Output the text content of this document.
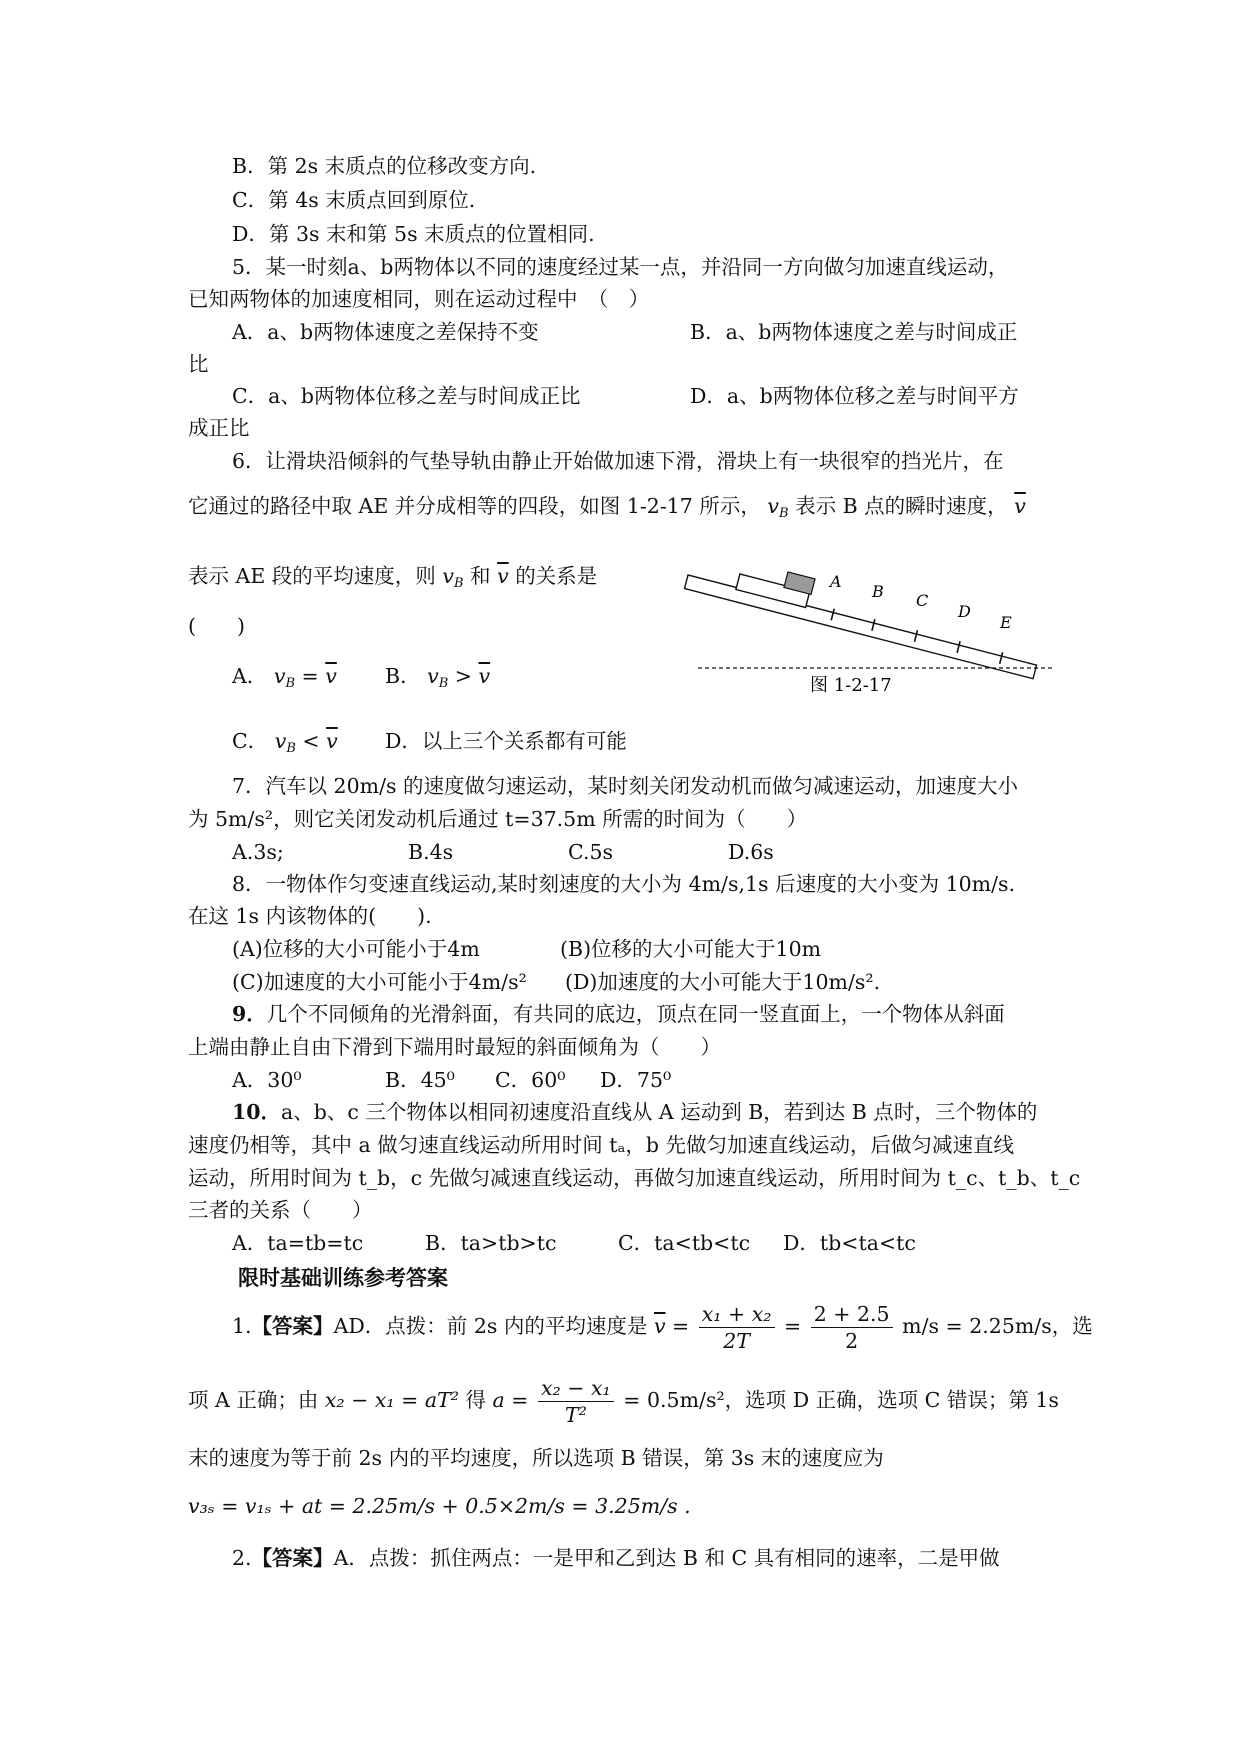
B．第 2s 末质点的位移改变方向.
C．第 4s 末质点回到原位.
D．第 3s 末和第 5s 末质点的位置相同.
5．某一时刻a、b两物体以不同的速度经过某一点，并沿同一方向做匀加速直线运动，
已知两物体的加速度相同，则在运动过程中　（　）
A．a、b两物体速度之差保持不变	B．a、b两物体速度之差与时间成正
比
C．a、b两物体位移之差与时间成正比	D．a、b两物体位移之差与时间平方
成正比
6．让滑块沿倾斜的气垫导轨由静止开始做加速下滑，滑块上有一块很窄的挡光片，在
它通过的路径中取 AE 并分成相等的四段，如图 1-2-17 所示， $v_B$ 表示 B 点的瞬时速度， $\overline{v}$
表示 AE 段的平均速度，则 $v_B$ 和 $\overline{v}$ 的关系是
(　　)
A． $v_B = \overline{v}$ B． $v_B > \overline{v}$
C． $v_B < \overline{v}$ D．以上三个关系都有可能
A
B C
D
E
图 1-2-17
7．汽车以 20m/s 的速度做匀速运动，某时刻关闭发动机而做匀减速运动，加速度大小
为 5m/s²，则它关闭发动机后通过 t=37.5m 所需的时间为（　　）
A.3s;	B.4s	C.5s	D.6s
8．一物体作匀变速直线运动,某时刻速度的大小为 4m/s,1s 后速度的大小变为 10m/s.
在这 1s 内该物体的(　　).
(A)位移的大小可能小于4m	(B)位移的大小可能大于10m
(C)加速度的大小可能小于4m/s² (D)加速度的大小可能大于10m/s².
9．几个不同倾角的光滑斜面，有共同的底边，顶点在同一竖直面上，一个物体从斜面
上端由静止自由下滑到下端用时最短的斜面倾角为（　　）
A．30⁰	B．45⁰ C．60⁰ D．75⁰
10．a、b、c 三个物体以相同初速度沿直线从 A 运动到 B，若到达 B 点时，三个物体的
速度仍相等，其中 a 做匀速直线运动所用时间 tₐ，b 先做匀加速直线运动，后做匀减速直线
运动，所用时间为 t_b，c 先做匀减速直线运动，再做匀加速直线运动，所用时间为 t_c、t_b、t_c
三者的关系（　　）
A．ta=tb=tc	B．ta>tb>tc	C．ta<tb<tc D．tb<ta<tc
限时基础训练参考答案
1.【答案】AD．点拨：前 2s 内的平均速度是 $\overline{v} = \frac{\text{x₁ + x₂}}{2T} = \frac{2 + 2.5}{2} m/s = 2.25m/s$，选
项 A 正确；由 x₂ − x₁ = aT² 得 $a = \frac{\text{x₂ − x₁}}{\text{T²}} = 0.5m/s^2$，选项 D 正确，选项 C 错误；第 1s
末的速度为等于前 2s 内的平均速度，所以选项 B 错误，第 3s 末的速度应为
v₃ₛ = v₁ₛ + at = 2.25m/s + 0.5×2m/s = 3.25m/s .
2.【答案】A．点拨：抓住两点：一是甲和乙到达 B 和 C 具有相同的速率，二是甲做
